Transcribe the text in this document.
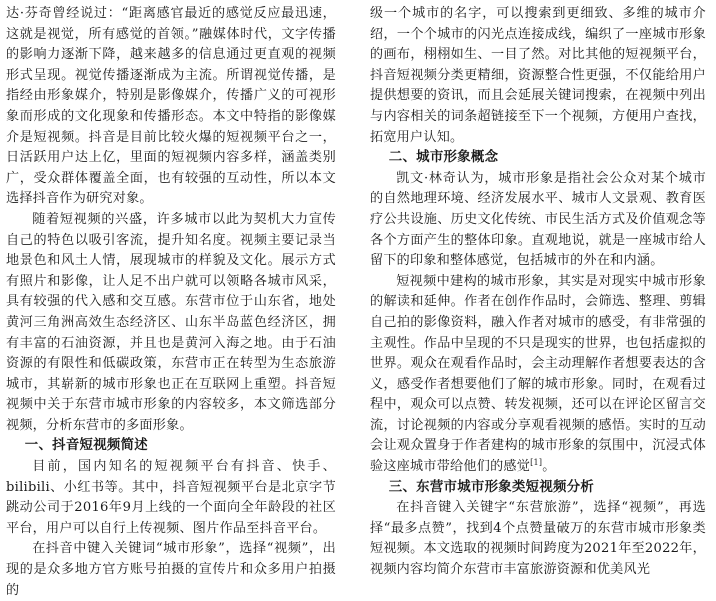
达·芬奇曾经说过：“距离感官最近的感觉反应最迅速，这就是视觉，所有感觉的首领。”融媒体时代，文字传播的影响力逐渐下降，越来越多的信息通过更直观的视频形式呈现。视觉传播逐渐成为主流。所谓视觉传播，是指经由形象媒介，特别是影像媒介，传播广义的可视形象而形成的文化现象和传播形态。本文中特指的影像媒介是短视频。抖音是目前比较火爆的短视频平台之一，日活跃用户达上亿，里面的短视频内容多样，涵盖类别广，受众群体覆盖全面，也有较强的互动性，所以本文选择抖音作为研究对象。

随着短视频的兴盛，许多城市以此为契机大力宣传自己的特色以吸引客流，提升知名度。视频主要记录当地景色和风土人情，展现城市的样貌及文化。展示方式有照片和影像，让人足不出户就可以领略各城市风采，具有较强的代入感和交互感。东营市位于山东省，地处黄河三角洲高效生态经济区、山东半岛蓝色经济区，拥有丰富的石油资源，并且也是黄河入海之地。由于石油资源的有限性和低碳政策，东营市正在转型为生态旅游城市，其崭新的城市形象也正在互联网上重塑。抖音短视频中关于东营市城市形象的内容较多，本文筛选部分视频，分析东营市的多面形象。

一、抖音短视频简述

目前，国内知名的短视频平台有抖音、快手、bilibili、小红书等。其中，抖音短视频平台是北京字节跳动公司于2016年9月上线的一个面向全年龄段的社区平台，用户可以自行上传视频、图片作品至抖音平台。

在抖音中键入关键词“城市形象”，选择“视频”，出现的是众多地方官方账号拍摄的宣传片和众多用户拍摄的

级一个城市的名字，可以搜索到更细致、多维的城市介绍，一个个城市的闪光点连接成线，编织了一座城市形象的画布，栩栩如生、一目了然。对比其他的短视频平台，抖音短视频分类更精细，资源整合性更强，不仅能给用户提供想要的资讯，而且会延展关键词搜索，在视频中列出与内容相关的词条超链接至下一个视频，方便用户查找，拓宽用户认知。

二、城市形象概念

凯文·林奇认为，城市形象是指社会公众对某个城市的自然地理环境、经济发展水平、城市人文景观、教育医疗公共设施、历史文化传统、市民生活方式及价值观念等各个方面产生的整体印象。直观地说，就是一座城市给人留下的印象和整体感觉，包括城市的外在和内涵。

短视频中建构的城市形象，其实是对现实中城市形象的解读和延伸。作者在创作作品时，会筛选、整理、剪辑自己拍的影像资料，融入作者对城市的感受，有非常强的主观性。作品中呈现的不只是现实的世界，也包括虚拟的世界。观众在观看作品时，会主动理解作者想要表达的含义，感受作者想要他们了解的城市形象。同时，在观看过程中，观众可以点赞、转发视频，还可以在评论区留言交流，讨论视频的内容或分享观看视频的感悟。实时的互动会让观众置身于作者建构的城市形象的氛围中，沉浸式体验这座城市带给他们的感觉[1]。

三、东营市城市形象类短视频分析

在抖音键入关键字“东营旅游”，选择“视频”，再选择“最多点赞”，找到4个点赞量破万的东营市城市形象类短视频。本文选取的视频时间跨度为2021年至2022年，视频内容均简介东营市丰富旅游资源和优美风光
